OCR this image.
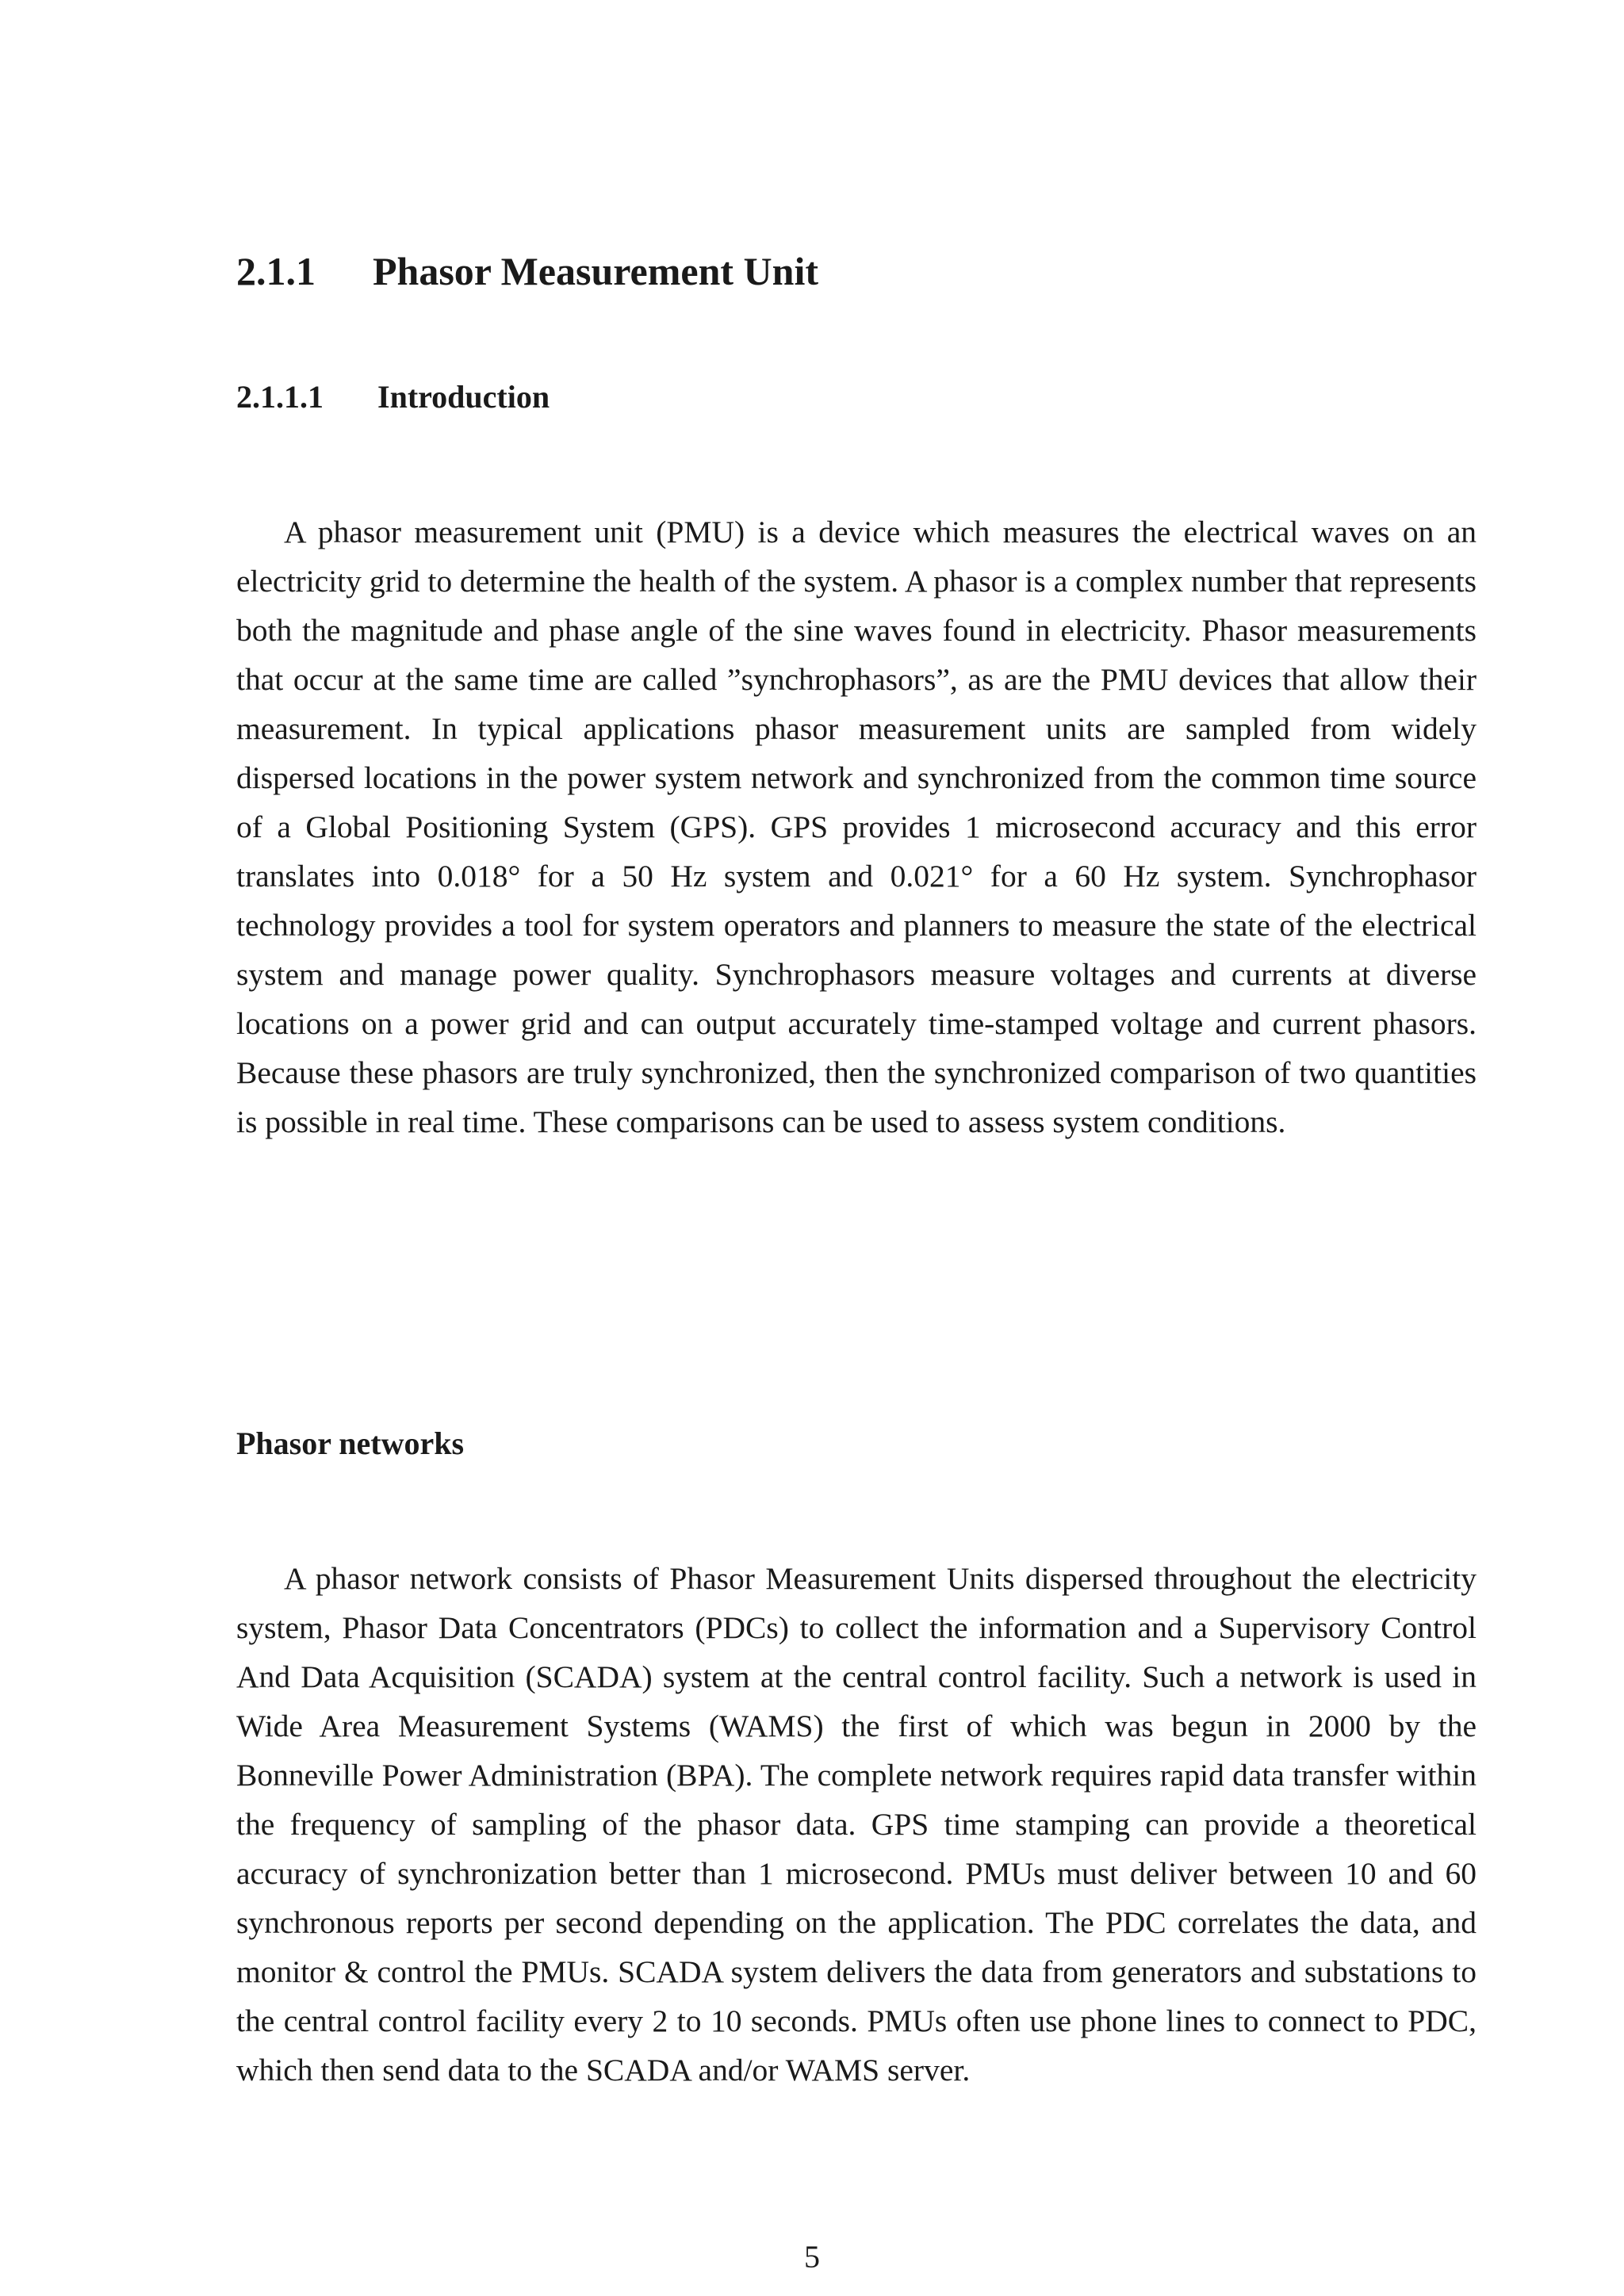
2.1.1 Phasor Measurement Unit
2.1.1.1 Introduction

A phasor measurement unit (PMU) is a device which measures the electrical waves on an electricity grid to determine the health of the system. A phasor is a complex number that represents both the magnitude and phase angle of the sine waves found in electricity. Phasor measurements that occur at the same time are called ”synchrophasors”, as are the PMU devices that allow their measurement. In typical applications phasor measurement units are sampled from widely dispersed locations in the power system network and synchronized from the common time source of a Global Positioning System (GPS). GPS provides 1 microsecond accuracy and this error translates into 0.018° for a 50 Hz system and 0.021° for a 60 Hz system. Synchrophasor technology provides a tool for system operators and planners to measure the state of the electrical system and manage power quality. Synchrophasors measure voltages and currents at diverse locations on a power grid and can output accurately time-stamped voltage and current phasors. Because these phasors are truly synchronized, then the synchronized comparison of two quantities is possible in real time. These comparisons can be used to assess system conditions.

Phasor networks

A phasor network consists of Phasor Measurement Units dispersed throughout the electricity system, Phasor Data Concentrators (PDCs) to collect the information and a Supervisory Control And Data Acquisition (SCADA) system at the central control facility. Such a network is used in Wide Area Measurement Systems (WAMS) the first of which was begun in 2000 by the Bonneville Power Administration (BPA). The complete network requires rapid data transfer within the frequency of sampling of the phasor data. GPS time stamping can provide a theoretical accuracy of synchronization better than 1 microsecond. PMUs must deliver between 10 and 60 synchronous reports per second depending on the application. The PDC correlates the data, and monitor & control the PMUs. SCADA system delivers the data from generators and substations to the central control facility every 2 to 10 seconds. PMUs often use phone lines to connect to PDC, which then send data to the SCADA and/or WAMS server.

5
